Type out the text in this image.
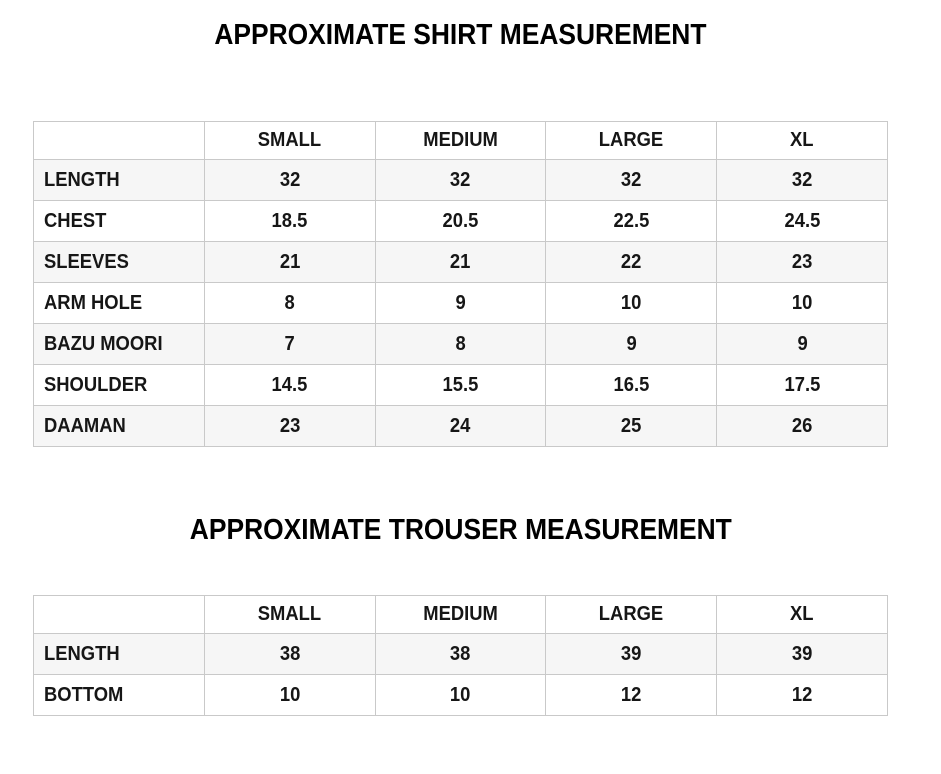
APPROXIMATE SHIRT MEASUREMENT
	SMALL	MEDIUM	LARGE	XL
LENGTH	32	32	32	32
CHEST	18.5	20.5	22.5	24.5
SLEEVES	21	21	22	23
ARM HOLE	8	9	10	10
BAZU MOORI	7	8	9	9
SHOULDER	14.5	15.5	16.5	17.5
DAAMAN	23	24	25	26
APPROXIMATE TROUSER MEASUREMENT
	SMALL	MEDIUM	LARGE	XL
LENGTH	38	38	39	39
BOTTOM	10	10	12	12
